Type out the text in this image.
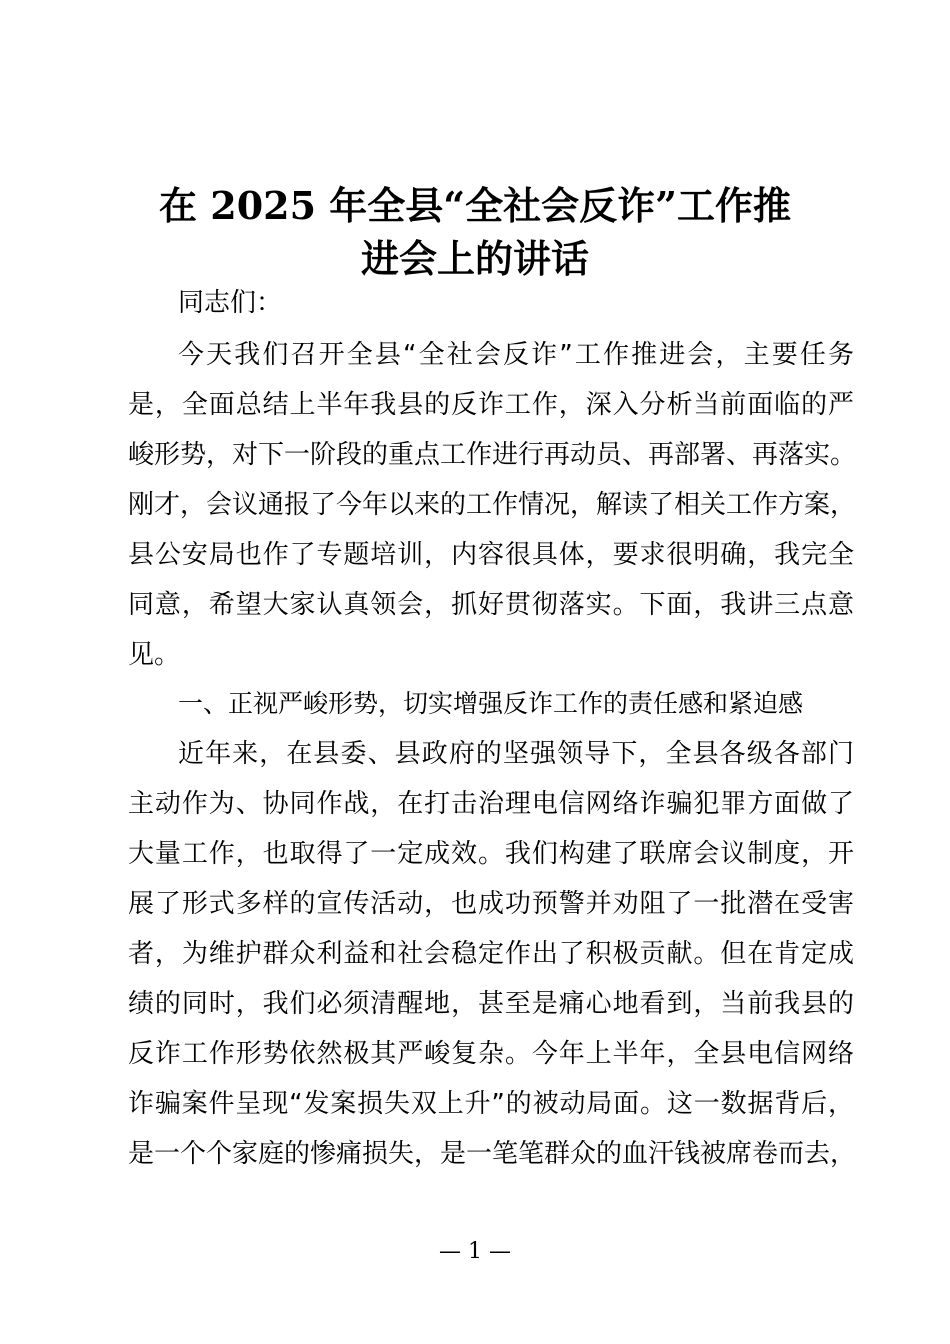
在 2025 年全县“全社会反诈”工作推
进会上的讲话
同志们：
今天我们召开全县“全社会反诈”工作推进会，主要任务
是，全面总结上半年我县的反诈工作，深入分析当前面临的严
峻形势，对下一阶段的重点工作进行再动员、再部署、再落实。
刚才，会议通报了今年以来的工作情况，解读了相关工作方案，
县公安局也作了专题培训，内容很具体，要求很明确，我完全
同意，希望大家认真领会，抓好贯彻落实。下面，我讲三点意
见。
一、正视严峻形势，切实增强反诈工作的责任感和紧迫感
近年来，在县委、县政府的坚强领导下，全县各级各部门
主动作为、协同作战，在打击治理电信网络诈骗犯罪方面做了
大量工作，也取得了一定成效。我们构建了联席会议制度，开
展了形式多样的宣传活动，也成功预警并劝阻了一批潜在受害
者，为维护群众利益和社会稳定作出了积极贡献。但在肯定成
绩的同时，我们必须清醒地，甚至是痛心地看到，当前我县的
反诈工作形势依然极其严峻复杂。今年上半年，全县电信网络
诈骗案件呈现“发案损失双上升”的被动局面。这一数据背后，
是一个个家庭的惨痛损失，是一笔笔群众的血汗钱被席卷而去，
— 1 —
